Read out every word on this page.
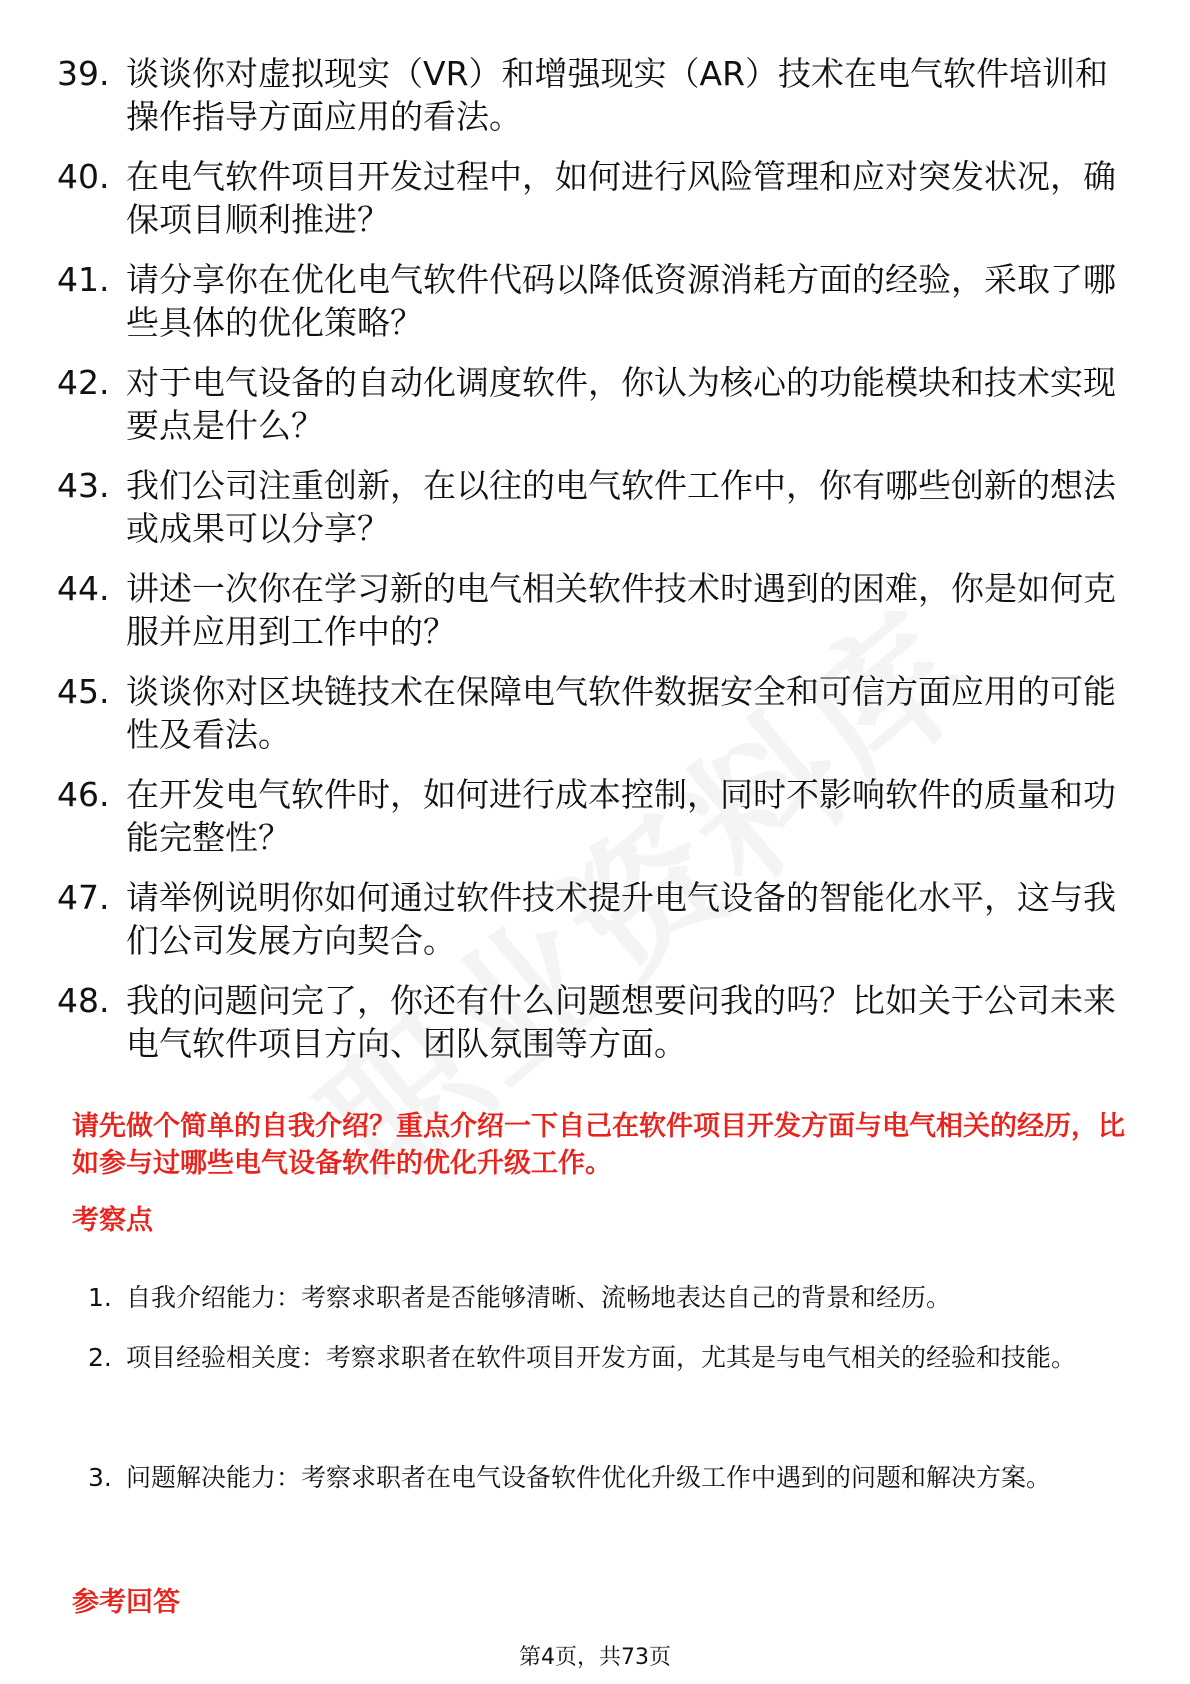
39. 谈谈你对虚拟现实（VR）和增强现实（AR）技术在电气软件培训和操作指导方面应用的看法。
40. 在电气软件项目开发过程中，如何进行风险管理和应对突发状况，确保项目顺利推进？
41. 请分享你在优化电气软件代码以降低资源消耗方面的经验，采取了哪些具体的优化策略？
42. 对于电气设备的自动化调度软件，你认为核心的功能模块和技术实现要点是什么？
43. 我们公司注重创新，在以往的电气软件工作中，你有哪些创新的想法或成果可以分享？
44. 讲述一次你在学习新的电气相关软件技术时遇到的困难，你是如何克服并应用到工作中的？
45. 谈谈你对区块链技术在保障电气软件数据安全和可信方面应用的可能性及看法。
46. 在开发电气软件时，如何进行成本控制，同时不影响软件的质量和功能完整性？
47. 请举例说明你如何通过软件技术提升电气设备的智能化水平，这与我们公司发展方向契合。
48. 我的问题问完了，你还有什么问题想要问我的吗？比如关于公司未来电气软件项目方向、团队氛围等方面。
请先做个简单的自我介绍？重点介绍一下自己在软件项目开发方面与电气相关的经历，比如参与过哪些电气设备软件的优化升级工作。
考察点
1. 自我介绍能力：考察求职者是否能够清晰、流畅地表达自己的背景和经历。
2. 项目经验相关度：考察求职者在软件项目开发方面，尤其是与电气相关的经验和技能。
3. 问题解决能力：考察求职者在电气设备软件优化升级工作中遇到的问题和解决方案。
参考回答
第4页，共73页
